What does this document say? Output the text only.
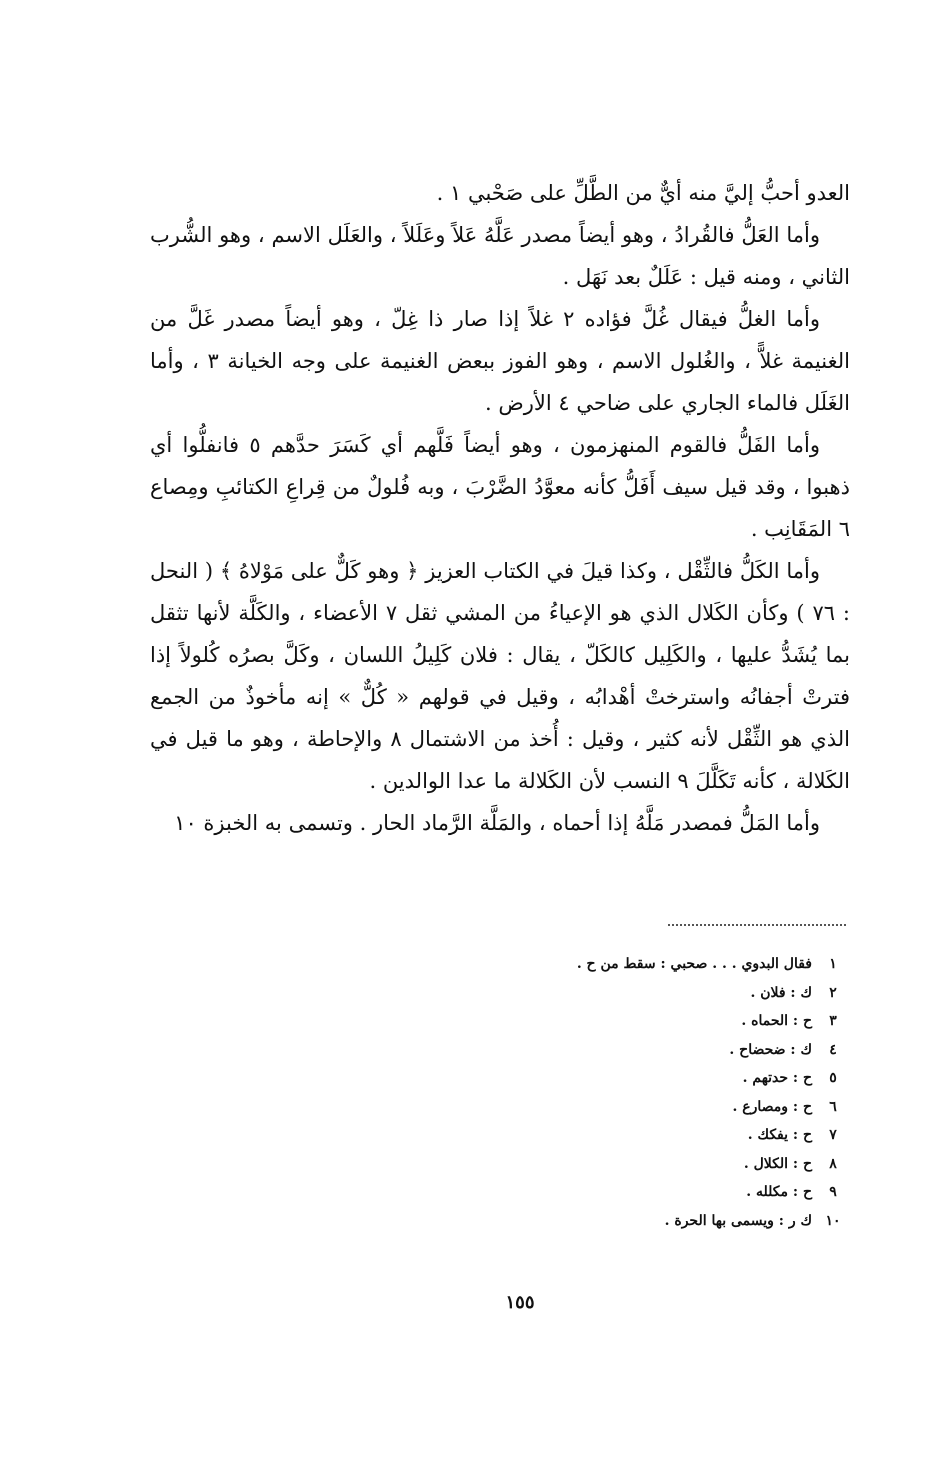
العدو أحبُّ إليَّ منه أيٌّ من الطَّلِّ على صَحْبي ١ .

وأما العَلُّ فالقُرادُ ، وهو أيضاً مصدر عَلَّهُ عَلاً وعَلَلاً ، والعَلَل الاسم ، وهو الشُّرب الثاني ، ومنه قيل : عَلَلٌ بعد نَهَل .

وأما الغلُّ فيقال غُلَّ فؤاده ٢ غلاً إذا صار ذا غِلّ ، وهو أيضاً مصدر غَلَّ من الغنيمة غلاًّ ، والغُلول الاسم ، وهو الفوز ببعض الغنيمة على وجه الخيانة ٣ ، وأما الغَلَل فالماء الجاري على ضاحي ٤ الأرض .

وأما الفَلُّ فالقوم المنهزمون ، وهو أيضاً فَلَّهم أي كَسَرَ حدَّهم ٥ فانفلُّوا أي ذهبوا ، وقد قيل سيف أَفَلُّ كأنه معوَّدُ الضَّرْبَ ، وبه فُلولٌ من قِراعِ الكتائبِ ومِصاع ٦ المَقَانِب .

وأما الكَلُّ فالثِّقْل ، وكذا قيلَ في الكتاب العزيز ﴿ وهو كَلٌّ على مَوْلاهُ ﴾ ( النحل : ٧٦ ) وكأن الكَلال الذي هو الإعياءُ من المشي ثقل ٧ الأعضاء ، والكَلَّة لأنها تثقل بما يُشَدُّ عليها ، والكَلِيل كالكَلّ ، يقال : فلان كَلِيلُ اللسان ، وكَلَّ بصرُه كُلولاً إذا فترتْ أجفانُه واسترختْ أهْدابُه ، وقيل في قولهم « كُلٌّ » إنه مأخوذٌ من الجمع الذي هو الثِّقْل لأنه كثير ، وقيل : أُخذ من الاشتمال ٨ والإحاطة ، وهو ما قيل في الكَلالة ، كأنه تَكَلَّلَ ٩ النسب لأن الكَلالة ما عدا الوالدين .

وأما المَلُّ فمصدر مَلَّهُ إذا أحماه ، والمَلَّة الرَّماد الحار . وتسمى به الخبزة ١٠

١
فقال البدوي . . . صحبي : سقط من ح .
٢
ك : فلان .
٣
ح : الحماه .
٤
ك : ضحضاح .
٥
ح : حدتهم .
٦
ح : ومصارع .
٧
ح : يفكك .
٨
ح : الكلال .
٩
ح : مكلله .
١٠
ك ر : ويسمى بها الحرة .
١٥٥
